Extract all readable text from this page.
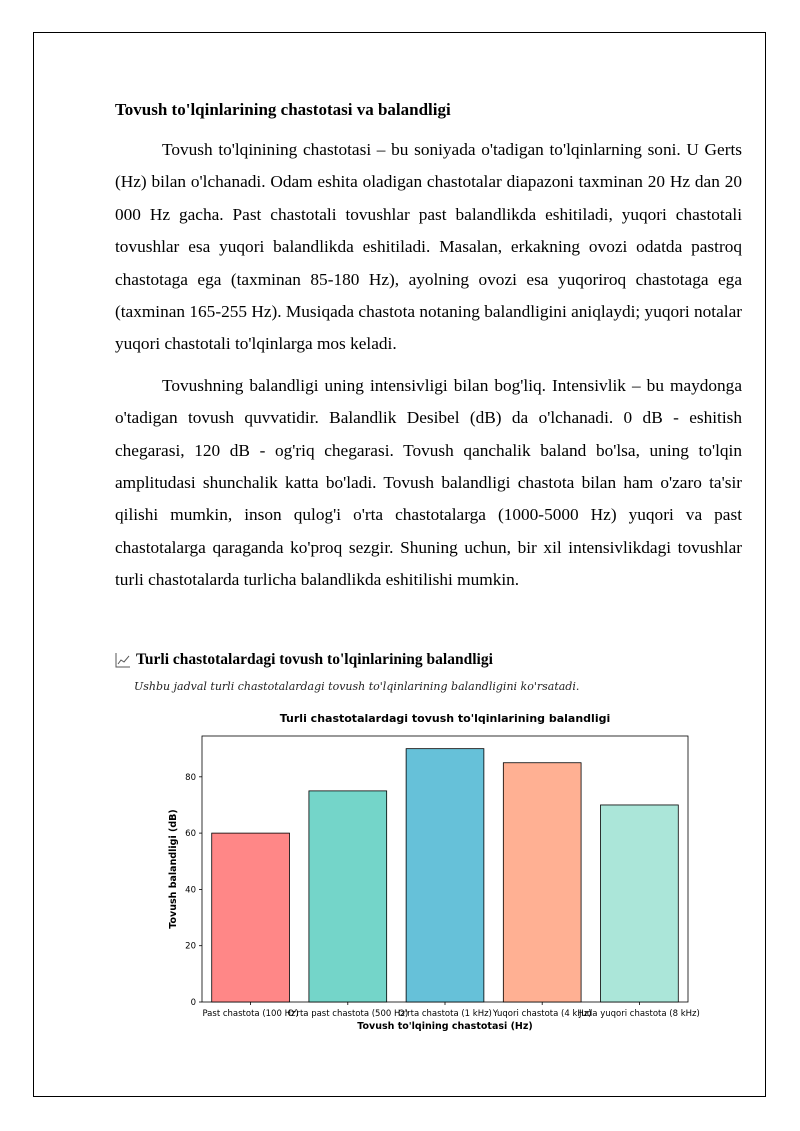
Tovush to'lqinlarining chastotasi va balandligi

Tovush to'lqinining chastotasi – bu soniyada o'tadigan to'lqinlarning soni. U Gerts (Hz) bilan o'lchanadi. Odam eshita oladigan chastotalar diapazoni taxminan 20 Hz dan 20 000 Hz gacha. Past chastotali tovushlar past balandlikda eshitiladi, yuqori chastotali tovushlar esa yuqori balandlikda eshitiladi. Masalan, erkakning ovozi odatda pastroq chastotaga ega (taxminan 85-180 Hz), ayolning ovozi esa yuqoriroq chastotaga ega (taxminan 165-255 Hz). Musiqada chastota notaning balandligini aniqlaydi; yuqori notalar yuqori chastotali to'lqinlarga mos keladi.

Tovushning balandligi uning intensivligi bilan bog'liq. Intensivlik – bu maydonga o'tadigan tovush quvvatidir. Balandlik Desibel (dB) da o'lchanadi. 0 dB - eshitish chegarasi, 120 dB - og'riq chegarasi. Tovush qanchalik baland bo'lsa, uning to'lqin amplitudasi shunchalik katta bo'ladi. Tovush balandligi chastota bilan ham o'zaro ta'sir qilishi mumkin, inson qulog'i o'rta chastotalarga (1000-5000 Hz) yuqori va past chastotalarga qaraganda ko'proq sezgir. Shuning uchun, bir xil intensivlikdagi tovushlar turli chastotalarda turlicha balandlikda eshitilishi mumkin.

Turli chastotalardagi tovush to'lqinlarining balandligi
Ushbu jadval turli chastotalardagi tovush to'lqinlarining balandligini ko'rsatadi.
Turli chastotalardagi tovush to'lqinlarining balandligi
0
20
40
60
80
Past chastota (100 Hz)
O'rta past chastota (500 Hz)
O'rta chastota (1 kHz) Yuqori chastota (4 kHz)
Juda yuqori chastota (8 kHz)
Tovush to'lqining chastotasi (Hz)
Tovush balandligi (dB)
